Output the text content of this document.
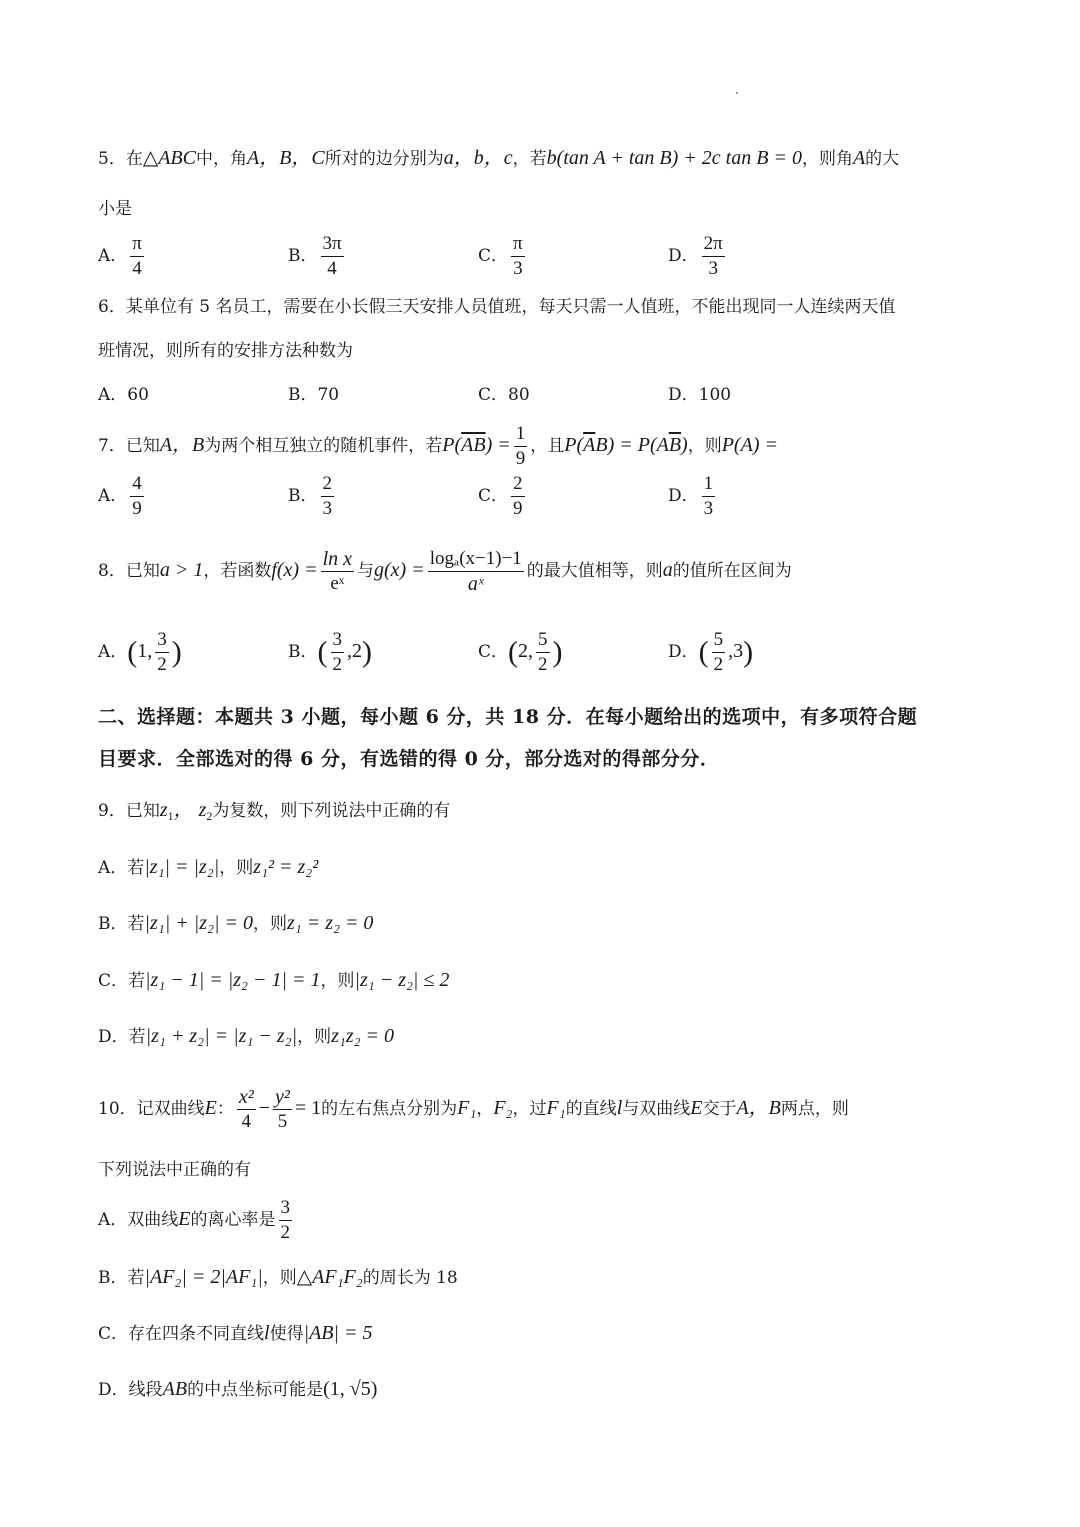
5．在△ABC中，角A，B，C所对的边分别为a，b，c，若b(tan A + tan B) + 2c tan B = 0，则角A的大
小是
A． $\frac{\pi}{4}$	B． $\frac{3\pi}{4}$	C． $\frac{\pi}{3}$	D． $\frac{2\pi}{3}$
6．某单位有 5 名员工，需要在小长假三天安排人员值班，每天只需一人值班，不能出现同一人连续两天值
班情况，则所有的安排方法种数为
A．60	B．70	C．80	D．100
7．已知A，B为两个相互独立的随机事件，若$P(\overline{A}\overline{B}) = \frac{1}{9}$ ，且$P(\overline{A}B) = P(A\overline{B})$，则P(A) =
A． $\frac{4}{9}$	B． $\frac{2}{3}$	C． $\frac{2}{9}$	D． $\frac{1}{3}$
8．已知a > 1，若函数$f(x) = \frac{\text{ln x}}{\text{eˣ}}$ 与$g(x) = \frac{\text{logₐ(x−1)−1}}{\text{aˣ}}$ 的最大值相等，则a的值所在区间为
A．(1, $\frac{3}{2}$ )	B．( $\frac{3}{2} ,2$)	C．(2, $\frac{5}{2}$ )	D．( $\frac{5}{2} ,3$)
二、选择题：本题共 3 小题，每小题 6 分，共 18 分．在每小题给出的选项中，有多项符合题
目要求．全部选对的得 6 分，有选错的得 0 分，部分选对的得部分分．
9．已知$z_1$， $z_2$为复数，则下列说法中正确的有
A．若|z₁| = |z₂|，则z₁² = z₂²
B．若|z₁| + |z₂| = 0，则z₁ = z₂ = 0
C．若|z₁ − 1| = |z₂ − 1| = 1，则|z₁ − z₂| ≤ 2
D．若|z₁ + z₂| = |z₁ − z₂|，则z₁z₂ = 0
10．记双曲线E： $\frac{\text{x²}}{4} - \frac{\text{y²}}{5} = 1$的左右焦点分别为F₁，F₂，过F₁的直线l与双曲线E交于A，B两点，则
下列说法中正确的有
A．双曲线E的离心率是 $\frac{3}{2}$
B．若|AF₂| = 2|AF₁|，则△AF₁F₂的周长为 18
C．存在四条不同直线l使得|AB| = 5
D．线段AB的中点坐标可能是(1, √5)
